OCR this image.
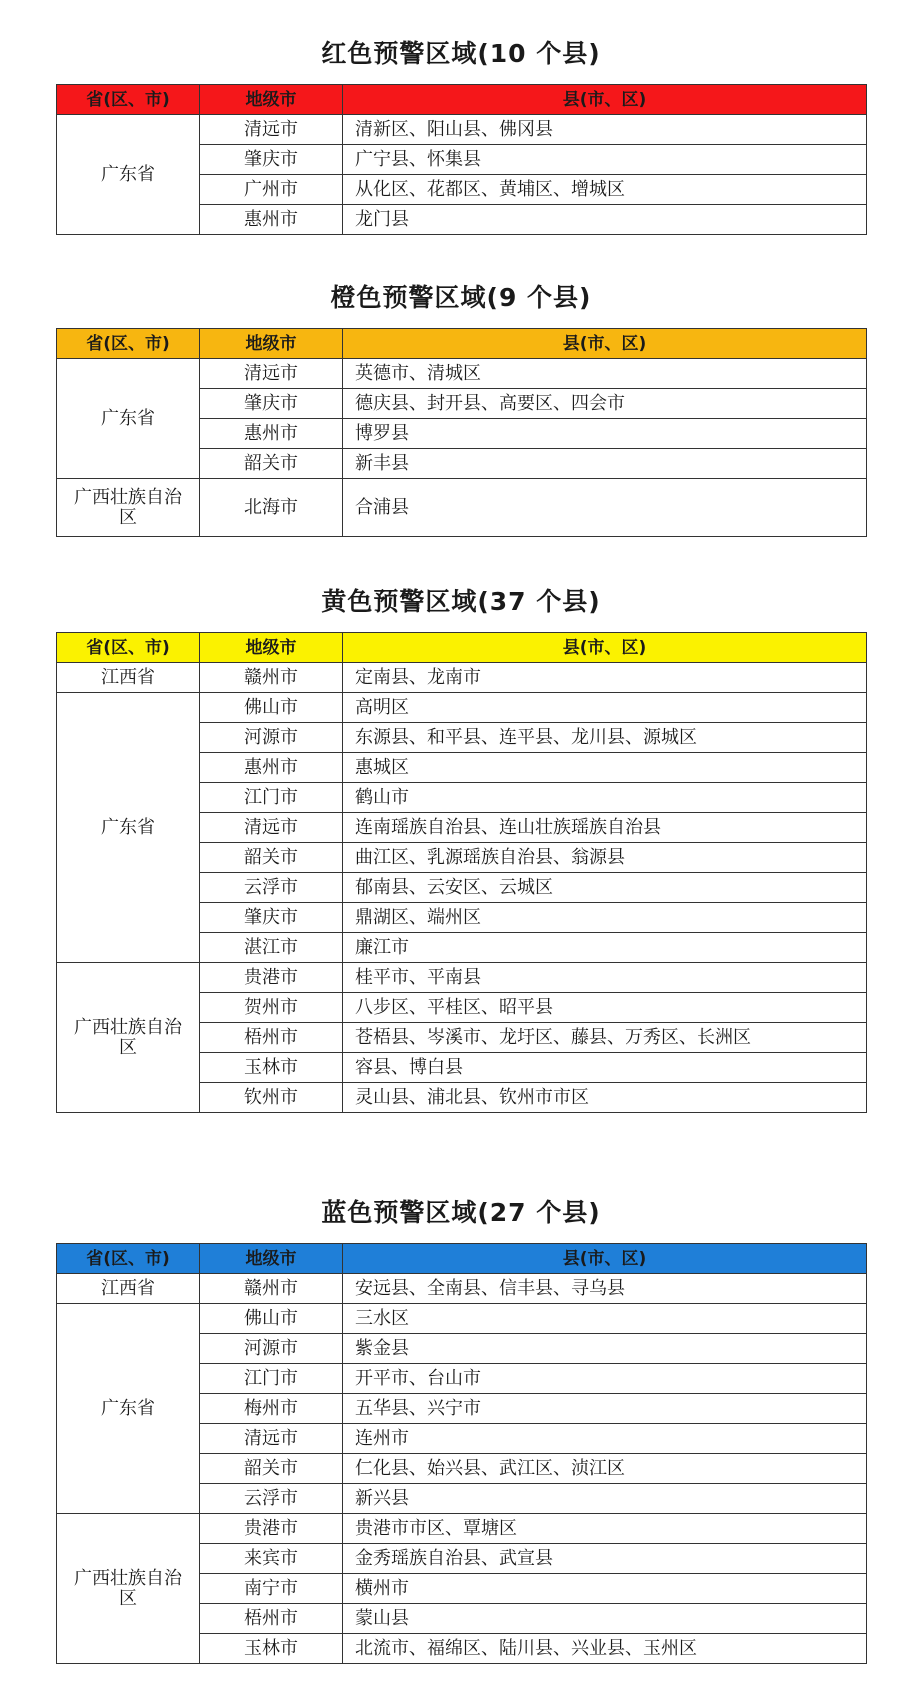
红色预警区域(10 个县)
省(区、市)	地级市	县(市、区)
广东省	清远市	清新区、阳山县、佛冈县
	肇庆市	广宁县、怀集县
	广州市	从化区、花都区、黄埔区、增城区
	惠州市	龙门县
橙色预警区域(9 个县)
省(区、市)	地级市	县(市、区)
广东省	清远市	英德市、清城区
	肇庆市	德庆县、封开县、高要区、四会市
	惠州市	博罗县
	韶关市	新丰县
广西壮族自治区	北海市	合浦县
黄色预警区域(37 个县)
省(区、市)	地级市	县(市、区)
江西省	赣州市	定南县、龙南市
广东省	佛山市	高明区
	河源市	东源县、和平县、连平县、龙川县、源城区
	惠州市	惠城区
	江门市	鹤山市
	清远市	连南瑶族自治县、连山壮族瑶族自治县
	韶关市	曲江区、乳源瑶族自治县、翁源县
	云浮市	郁南县、云安区、云城区
	肇庆市	鼎湖区、端州区
	湛江市	廉江市
广西壮族自治区	贵港市	桂平市、平南县
	贺州市	八步区、平桂区、昭平县
	梧州市	苍梧县、岑溪市、龙圩区、藤县、万秀区、长洲区
	玉林市	容县、博白县
	钦州市	灵山县、浦北县、钦州市市区
蓝色预警区域(27 个县)
省(区、市)	地级市	县(市、区)
江西省	赣州市	安远县、全南县、信丰县、寻乌县
广东省	佛山市	三水区
	河源市	紫金县
	江门市	开平市、台山市
	梅州市	五华县、兴宁市
	清远市	连州市
	韶关市	仁化县、始兴县、武江区、浈江区
	云浮市	新兴县
广西壮族自治区	贵港市	贵港市市区、覃塘区
	来宾市	金秀瑶族自治县、武宣县
	南宁市	横州市
	梧州市	蒙山县
	玉林市	北流市、福绵区、陆川县、兴业县、玉州区
